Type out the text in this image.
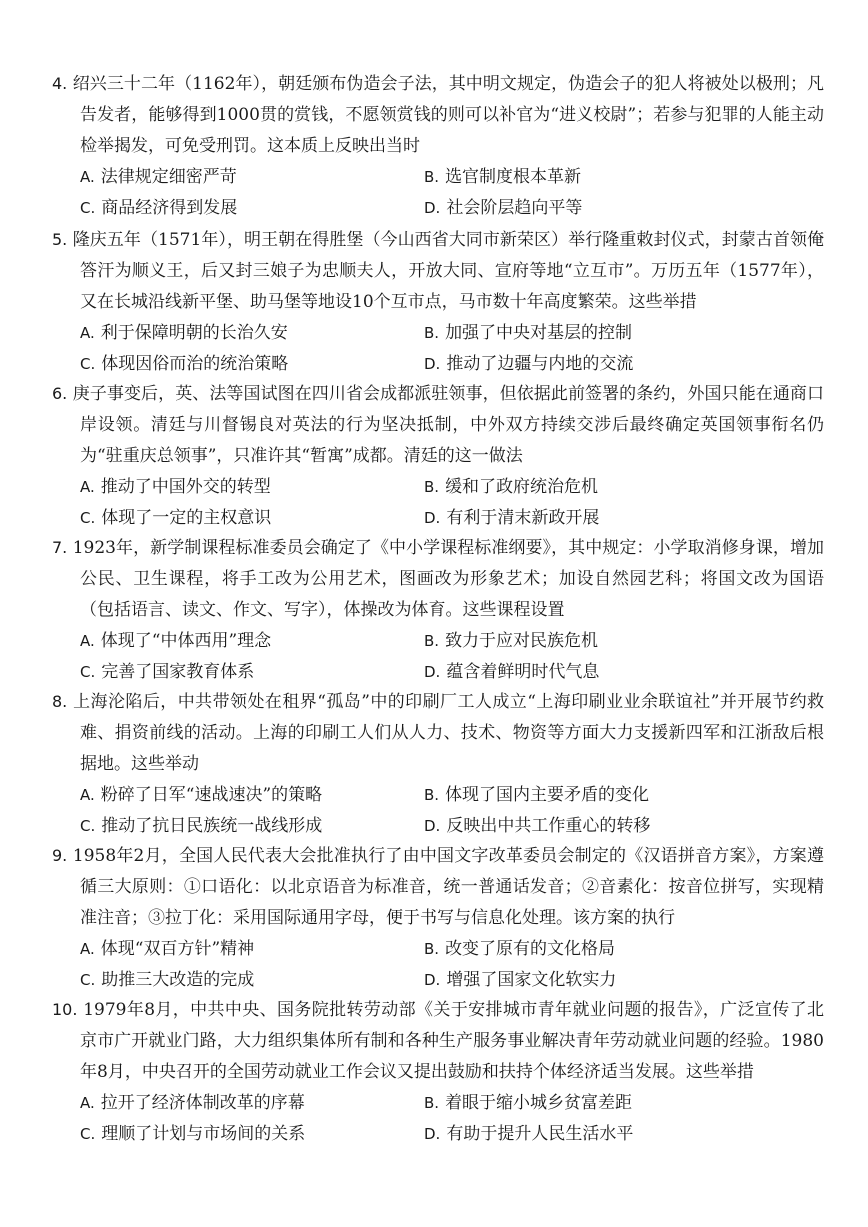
4. 绍兴三十二年（1162年），朝廷颁布伪造会子法，其中明文规定，伪造会子的犯人将被处以极刑；凡告发者，能够得到1000贯的赏钱，不愿领赏钱的则可以补官为“进义校尉”；若参与犯罪的人能主动检举揭发，可免受刑罚。这本质上反映出当时

A. 法律规定细密严苛	B. 选官制度根本革新
C. 商品经济得到发展	D. 社会阶层趋向平等

5. 隆庆五年（1571年），明王朝在得胜堡（今山西省大同市新荣区）举行隆重敕封仪式，封蒙古首领俺答汗为顺义王，后又封三娘子为忠顺夫人，开放大同、宣府等地“立互市”。万历五年（1577年），又在长城沿线新平堡、助马堡等地设10个互市点，马市数十年高度繁荣。这些举措

A. 利于保障明朝的长治久安	B. 加强了中央对基层的控制
C. 体现因俗而治的统治策略	D. 推动了边疆与内地的交流

6. 庚子事变后，英、法等国试图在四川省会成都派驻领事，但依据此前签署的条约，外国只能在通商口岸设领。清廷与川督锡良对英法的行为坚决抵制，中外双方持续交涉后最终确定英国领事衔名仍为“驻重庆总领事”，只准许其“暂寓”成都。清廷的这一做法

A. 推动了中国外交的转型	B. 缓和了政府统治危机
C. 体现了一定的主权意识	D. 有利于清末新政开展

7. 1923年，新学制课程标准委员会确定了《中小学课程标准纲要》，其中规定：小学取消修身课，增加公民、卫生课程，将手工改为公用艺术，图画改为形象艺术；加设自然园艺科；将国文改为国语（包括语言、读文、作文、写字），体操改为体育。这些课程设置

A. 体现了“中体西用”理念	B. 致力于应对民族危机
C. 完善了国家教育体系	D. 蕴含着鲜明时代气息

8. 上海沦陷后，中共带领处在租界“孤岛”中的印刷厂工人成立“上海印刷业业余联谊社”并开展节约救难、捐资前线的活动。上海的印刷工人们从人力、技术、物资等方面大力支援新四军和江浙敌后根据地。这些举动

A. 粉碎了日军“速战速决”的策略	B. 体现了国内主要矛盾的变化
C. 推动了抗日民族统一战线形成	D. 反映出中共工作重心的转移

9. 1958年2月，全国人民代表大会批准执行了由中国文字改革委员会制定的《汉语拼音方案》，方案遵循三大原则：①口语化：以北京语音为标准音，统一普通话发音；②音素化：按音位拼写，实现精准注音；③拉丁化：采用国际通用字母，便于书写与信息化处理。该方案的执行

A. 体现“双百方针”精神	B. 改变了原有的文化格局
C. 助推三大改造的完成	D. 增强了国家文化软实力

10. 1979年8月，中共中央、国务院批转劳动部《关于安排城市青年就业问题的报告》，广泛宣传了北京市广开就业门路，大力组织集体所有制和各种生产服务事业解决青年劳动就业问题的经验。1980年8月，中央召开的全国劳动就业工作会议又提出鼓励和扶持个体经济适当发展。这些举措

A. 拉开了经济体制改革的序幕	B. 着眼于缩小城乡贫富差距
C. 理顺了计划与市场间的关系	D. 有助于提升人民生活水平
